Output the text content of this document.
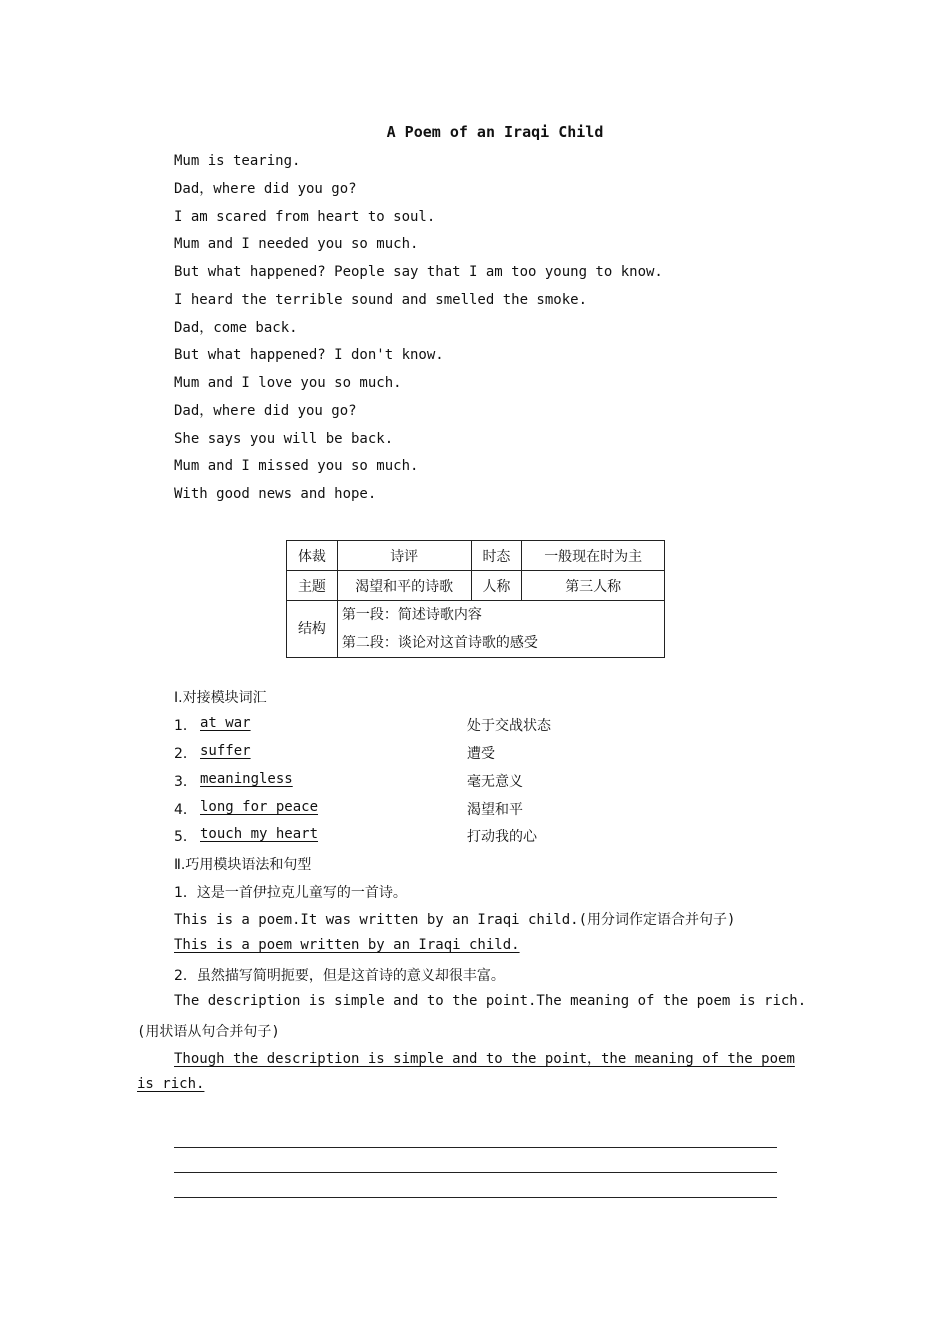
A Poem of an Iraqi Child
Mum is tearing.
Dad，where did you go?
I am scared from heart to soul.
Mum and I needed you so much.
But what happened? People say that I am too young to know.
I heard the terrible sound and smelled the smoke.
Dad，come back.
But what happened? I don't know.
Mum and I love you so much.
Dad，where did you go?
She says you will be back.
Mum and I missed you so much.
With good news and hope.
体裁	诗评	时态	一般现在时为主
主题	渴望和平的诗歌	人称	第三人称
结构	第一段：简述诗歌内容
第二段：谈论对这首诗歌的感受		
Ⅰ.对接模块词汇
1． at war	处于交战状态
2． suffer	遭受
3． meaningless	毫无意义
4． long for peace	渴望和平
5． touch my heart	打动我的心
Ⅱ.巧用模块语法和句型
1．这是一首伊拉克儿童写的一首诗。
This is a poem.It was written by an Iraqi child.(用分词作定语合并句子)
This is a poem written by an Iraqi child.
2．虽然描写简明扼要，但是这首诗的意义却很丰富。
The description is simple and to the point.The meaning of the poem is rich.
(用状语从句合并句子)
Though the description is simple and to the point，the meaning of the poem
is rich.
